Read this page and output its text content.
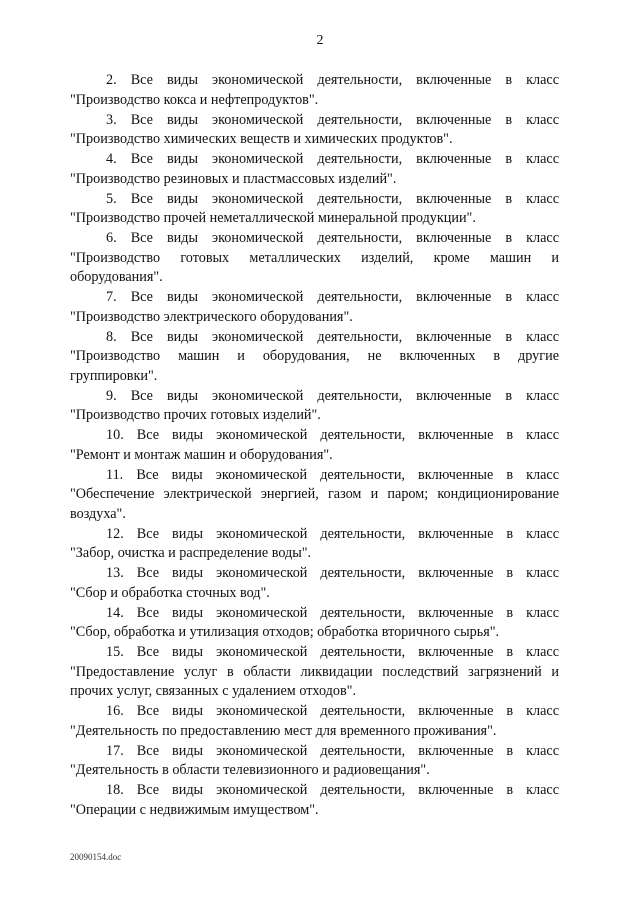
2

2. Все виды экономической деятельности, включенные в класс

"Производство кокса и нефтепродуктов".

3. Все виды экономической деятельности, включенные в класс

"Производство химических веществ и химических продуктов".

4. Все виды экономической деятельности, включенные в класс

"Производство резиновых и пластмассовых изделий".

5. Все виды экономической деятельности, включенные в класс

"Производство прочей неметаллической минеральной продукции".

6. Все виды экономической деятельности, включенные в класс

"Производство готовых металлических изделий, кроме машин и

оборудования".

7. Все виды экономической деятельности, включенные в класс

"Производство электрического оборудования".

8. Все виды экономической деятельности, включенные в класс

"Производство машин и оборудования, не включенных в другие

группировки".

9. Все виды экономической деятельности, включенные в класс

"Производство прочих готовых изделий".

10. Все виды экономической деятельности, включенные в класс

"Ремонт и монтаж машин и оборудования".

11. Все виды экономической деятельности, включенные в класс

"Обеспечение электрической энергией, газом и паром; кондиционирование

воздуха".

12. Все виды экономической деятельности, включенные в класс

"Забор, очистка и распределение воды".

13. Все виды экономической деятельности, включенные в класс

"Сбор и обработка сточных вод".

14. Все виды экономической деятельности, включенные в класс

"Сбор, обработка и утилизация отходов; обработка вторичного сырья".

15. Все виды экономической деятельности, включенные в класс

"Предоставление услуг в области ликвидации последствий загрязнений и

прочих услуг, связанных с удалением отходов".

16. Все виды экономической деятельности, включенные в класс

"Деятельность по предоставлению мест для временного проживания".

17. Все виды экономической деятельности, включенные в класс

"Деятельность в области телевизионного и радиовещания".

18. Все виды экономической деятельности, включенные в класс

"Операции с недвижимым имуществом".

20090154.doc
